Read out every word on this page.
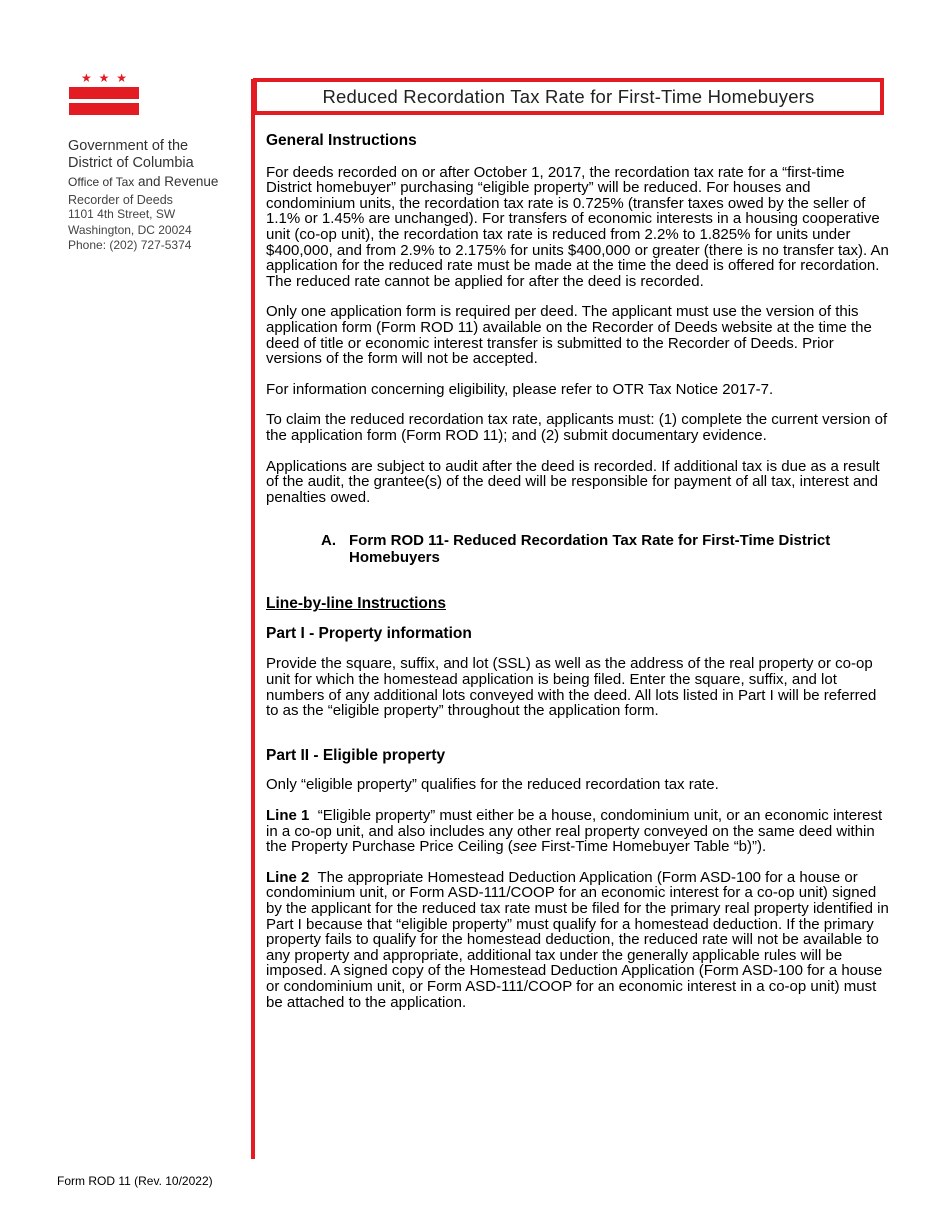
★ ★ ★
Government of the
District of Columbia
Office of Tax and Revenue
Recorder of Deeds
1101 4th Street, SW
Washington, DC 20024
Phone: (202) 727-5374
Reduced Recordation Tax Rate for First-Time Homebuyers

General Instructions

For deeds recorded on or after October 1, 2017, the recordation tax rate for a “first-time District homebuyer” purchasing “eligible property” will be reduced. For houses and condominium units, the recordation tax rate is 0.725% (transfer taxes owed by the seller of 1.1% or 1.45% are unchanged). For transfers of economic interests in a housing cooperative unit (co-op unit), the recordation tax rate is reduced from 2.2% to 1.825% for units under $400,000, and from 2.9% to 2.175% for units $400,000 or greater (there is no transfer tax). An application for the reduced rate must be made at the time the deed is offered for recordation. The reduced rate cannot be applied for after the deed is recorded.

Only one application form is required per deed. The applicant must use the version of this application form (Form ROD 11) available on the Recorder of Deeds website at the time the deed of title or economic interest transfer is submitted to the Recorder of Deeds. Prior versions of the form will not be accepted.

For information concerning eligibility, please refer to OTR Tax Notice 2017-7.

To claim the reduced recordation tax rate, applicants must: (1) complete the current version of the application form (Form ROD 11); and (2) submit documentary evidence.

Applications are subject to audit after the deed is recorded. If additional tax is due as a result of the audit, the grantee(s) of the deed will be responsible for payment of all tax, interest and penalties owed.

A. Form ROD 11- Reduced Recordation Tax Rate for First-Time District
Homebuyers

Line-by-line Instructions

Part I - Property information

Provide the square, suffix, and lot (SSL) as well as the address of the real property or co-op unit for which the homestead application is being filed. Enter the square, suffix, and lot numbers of any additional lots conveyed with the deed. All lots listed in Part I will be referred to as the “eligible property” throughout the application form.

Part II - Eligible property

Only “eligible property” qualifies for the reduced recordation tax rate.

Line 1 “Eligible property” must either be a house, condominium unit, or an economic interest in a co-op unit, and also includes any other real property conveyed on the same deed within the Property Purchase Price Ceiling (see First-Time Homebuyer Table “b)”).

Line 2 The appropriate Homestead Deduction Application (Form ASD-100 for a house or condominium unit, or Form ASD-111/COOP for an economic interest for a co-op unit) signed by the applicant for the reduced tax rate must be filed for the primary real property identified in Part I because that “eligible property” must qualify for a homestead deduction. If the primary property fails to qualify for the homestead deduction, the reduced rate will not be available to any property and appropriate, additional tax under the generally applicable rules will be imposed. A signed copy of the Homestead Deduction Application (Form ASD-100 for a house or condominium unit, or Form ASD-111/COOP for an economic interest in a co-op unit) must be attached to the application.

Form ROD 11 (Rev. 10/2022)
